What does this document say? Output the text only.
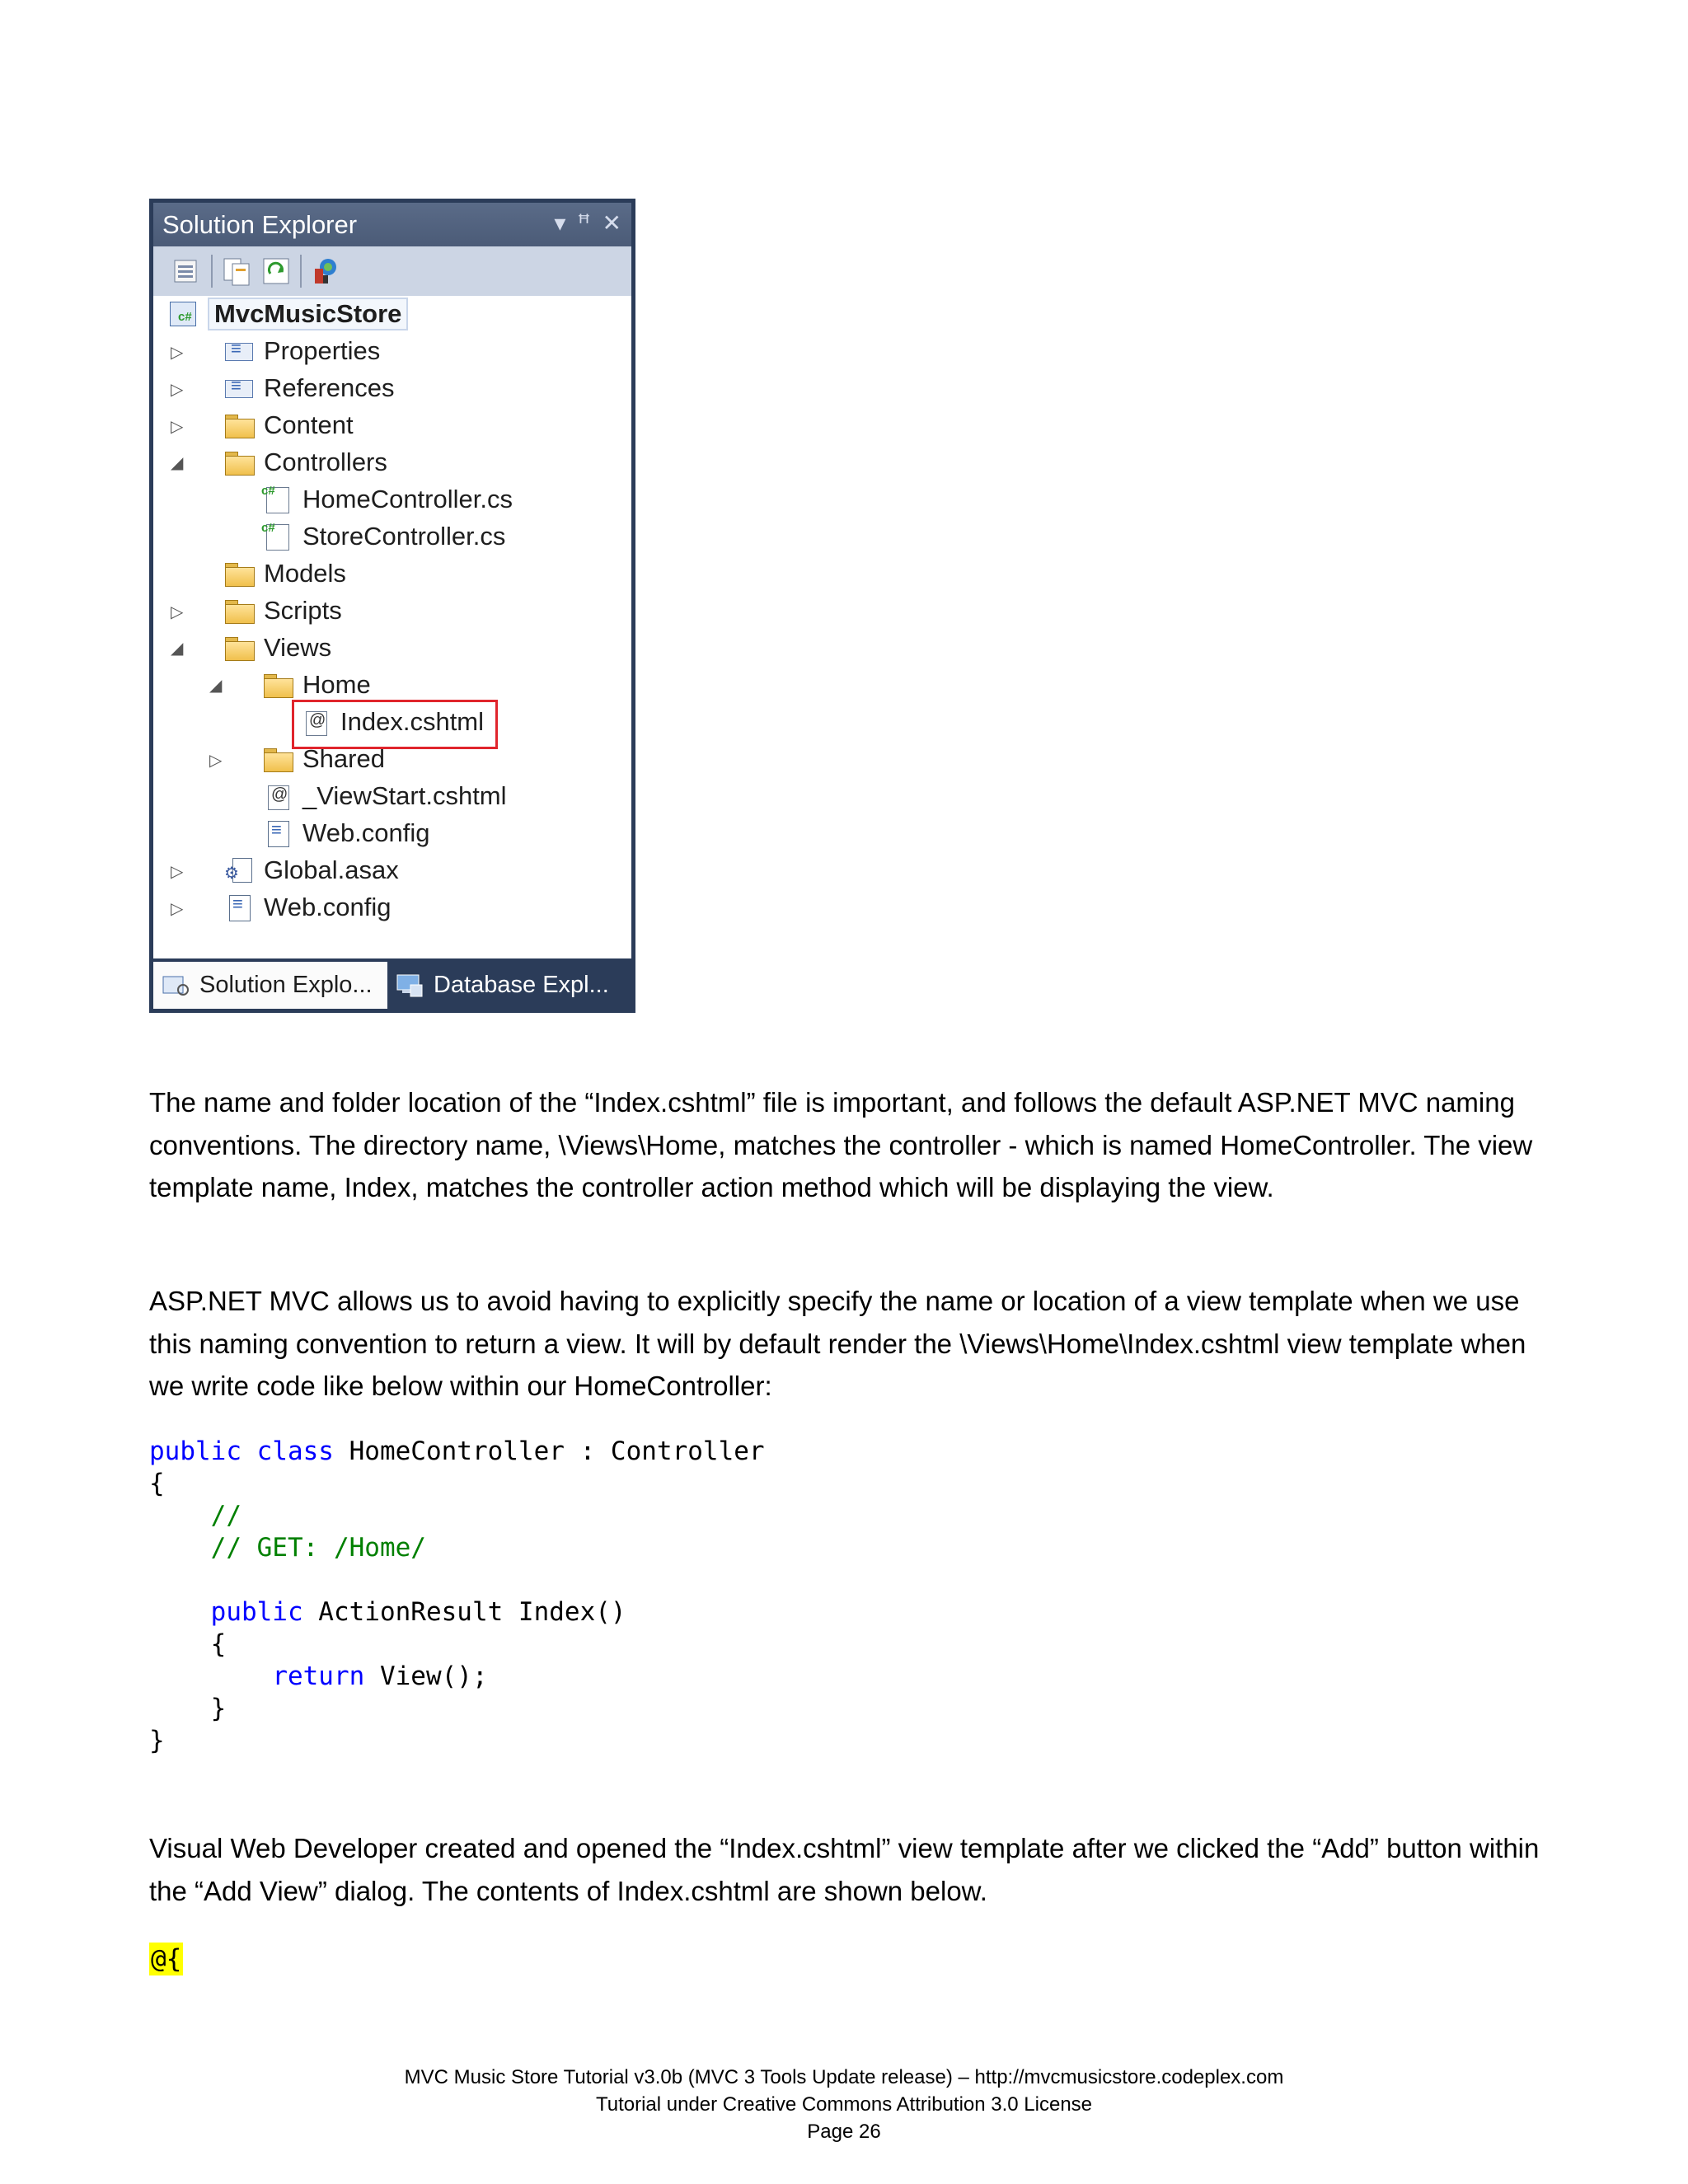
Solution Explorer	▾ ꟸ ✕
c#
MvcMusicStore
▷ ≡	Properties
▷ ≡	References
▷	Content
◢	Controllers
c#
HomeController.cs
c#
StoreController.cs
Models
▷	Scripts
◢	Views
◢	Home
@
Index.cshtml
▷	Shared
@
_ViewStart.cshtml
≡
Web.config
▷ ⚙	Global.asax
▷ ≡	Web.config
Solution Explo...	Database Expl...

The name and folder location of the “Index.cshtml” file is important, and follows the default ASP.NET MVC naming conventions. The directory name, \Views\Home, matches the controller - which is named HomeController. The view template name, Index, matches the controller action method which will be displaying the view.

ASP.NET MVC allows us to avoid having to explicitly specify the name or location of a view template when we use this naming convention to return a view. It will by default render the \Views\Home\Index.cshtml view template when we write code like below within our HomeController:

public class HomeController : Controller
{
//
// GET: /Home/

public ActionResult Index()
{
return View();
}
}

Visual Web Developer created and opened the “Index.cshtml” view template after we clicked the “Add” button within the “Add View” dialog. The contents of Index.cshtml are shown below.

@{
MVC Music Store Tutorial v3.0b (MVC 3 Tools Update release) – http://mvcmusicstore.codeplex.com
Tutorial under Creative Commons Attribution 3.0 License
Page 26
